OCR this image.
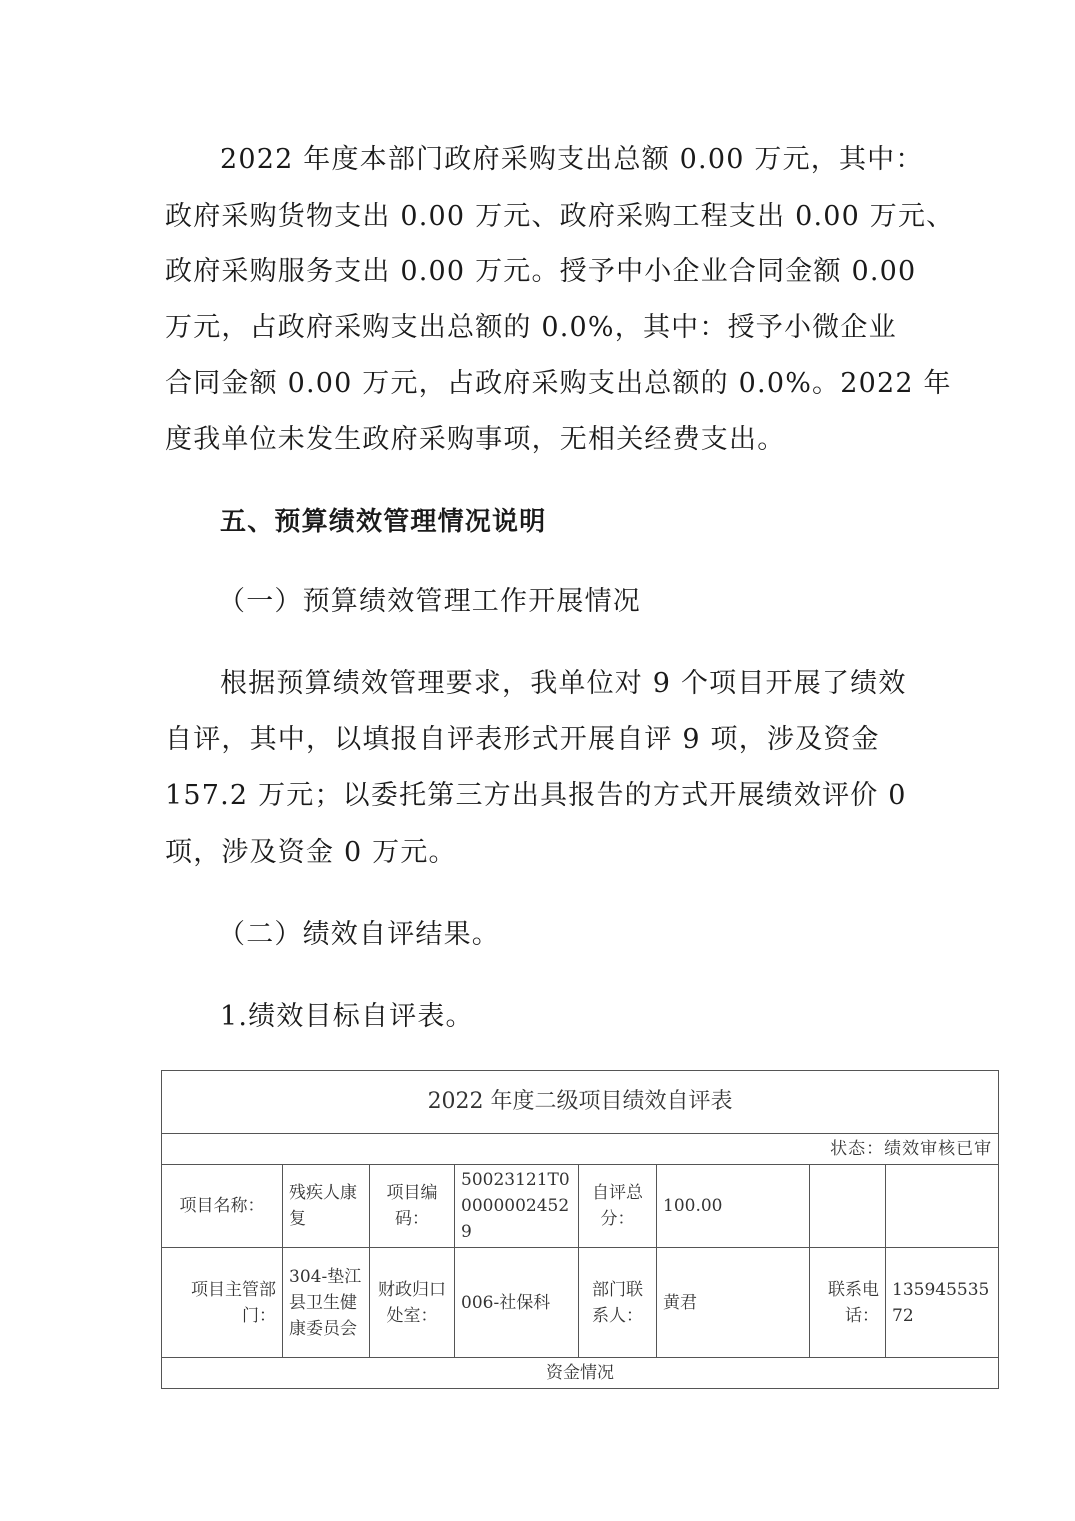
2022 年度本部门政府采购支出总额 0.00 万元，其中：
政府采购货物支出 0.00 万元、政府采购工程支出 0.00 万元、
政府采购服务支出 0.00 万元。授予中小企业合同金额 0.00
万元，占政府采购支出总额的 0.0%，其中：授予小微企业
合同金额 0.00 万元，占政府采购支出总额的 0.0%。2022 年
度我单位未发生政府采购事项，无相关经费支出。
五、预算绩效管理情况说明
（一）预算绩效管理工作开展情况
根据预算绩效管理要求，我单位对 9 个项目开展了绩效
自评，其中，以填报自评表形式开展自评 9 项，涉及资金
157.2 万元；以委托第三方出具报告的方式开展绩效评价 0
项，涉及资金 0 万元。
（二）绩效自评结果。
1.绩效目标自评表。
2022 年度二级项目绩效自评表							
状态：绩效审核已审							
项目名称：	残疾人康复	项目编码：	50023121T000000024529	自评总分：	100.00		
项目主管部门：	304-垫江县卫生健康委员会	财政归口处室：	006-社保科	部门联系人：	黄君	联系电话：	13594553572
资金情况							
